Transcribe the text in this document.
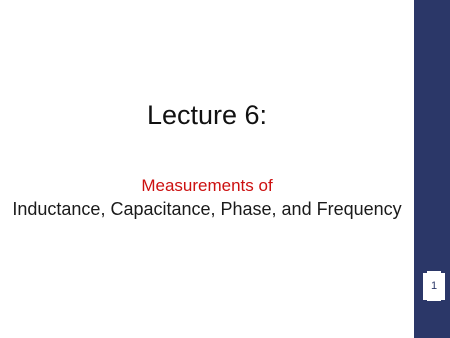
Lecture 6:
Measurements of
Inductance, Capacitance, Phase, and Frequency
1
